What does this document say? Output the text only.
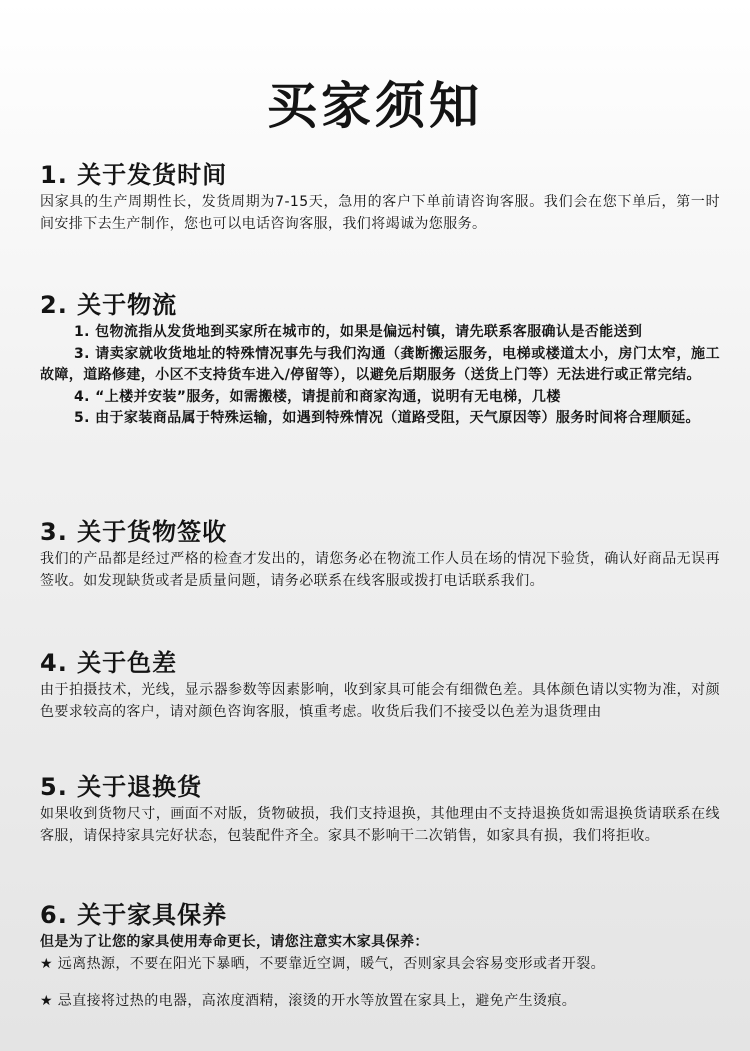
买家须知
1. 关于发货时间

因家具的生产周期性长，发货周期为7-15天，急用的客户下单前请咨询客服。我们会在您下单后，第一时间安排下去生产制作，您也可以电话咨询客服，我们将竭诚为您服务。

2. 关于物流

1. 包物流指从发货地到买家所在城市的，如果是偏远村镇，请先联系客服确认是否能送到

3. 请卖家就收货地址的特殊情况事先与我们沟通（龚断搬运服务，电梯或楼道太小，房门太窄，施工故障，道路修建，小区不支持货车进入/停留等），以避免后期服务（送货上门等）无法进行或正常完结。

4. “上楼并安装”服务，如需搬楼，请提前和商家沟通，说明有无电梯，几楼

5. 由于家装商品属于特殊运输，如遇到特殊情况（道路受阻，天气原因等）服务时间将合理顺延。

3. 关于货物签收

我们的产品都是经过严格的检查才发出的，请您务必在物流工作人员在场的情况下验货，确认好商品无误再签收。如发现缺货或者是质量问题，请务必联系在线客服或拨打电话联系我们。

4. 关于色差

由于拍摄技术，光线，显示器参数等因素影响，收到家具可能会有细微色差。具体颜色请以实物为准，对颜色要求较高的客户，请对颜色咨询客服，慎重考虑。收货后我们不接受以色差为退货理由

5. 关于退换货

如果收到货物尺寸，画面不对版，货物破损，我们支持退换，其他理由不支持退换货如需退换货请联系在线客服，请保持家具完好状态，包装配件齐全。家具不影响干二次销售，如家具有损，我们将拒收。

6. 关于家具保养

但是为了让您的家具使用寿命更长，请您注意实木家具保养：

★ 远离热源，不要在阳光下暴晒，不要靠近空调，暖气，否则家具会容易变形或者开裂。

★ 忌直接将过热的电器，高浓度酒精，滚烫的开水等放置在家具上，避免产生烫痕。
